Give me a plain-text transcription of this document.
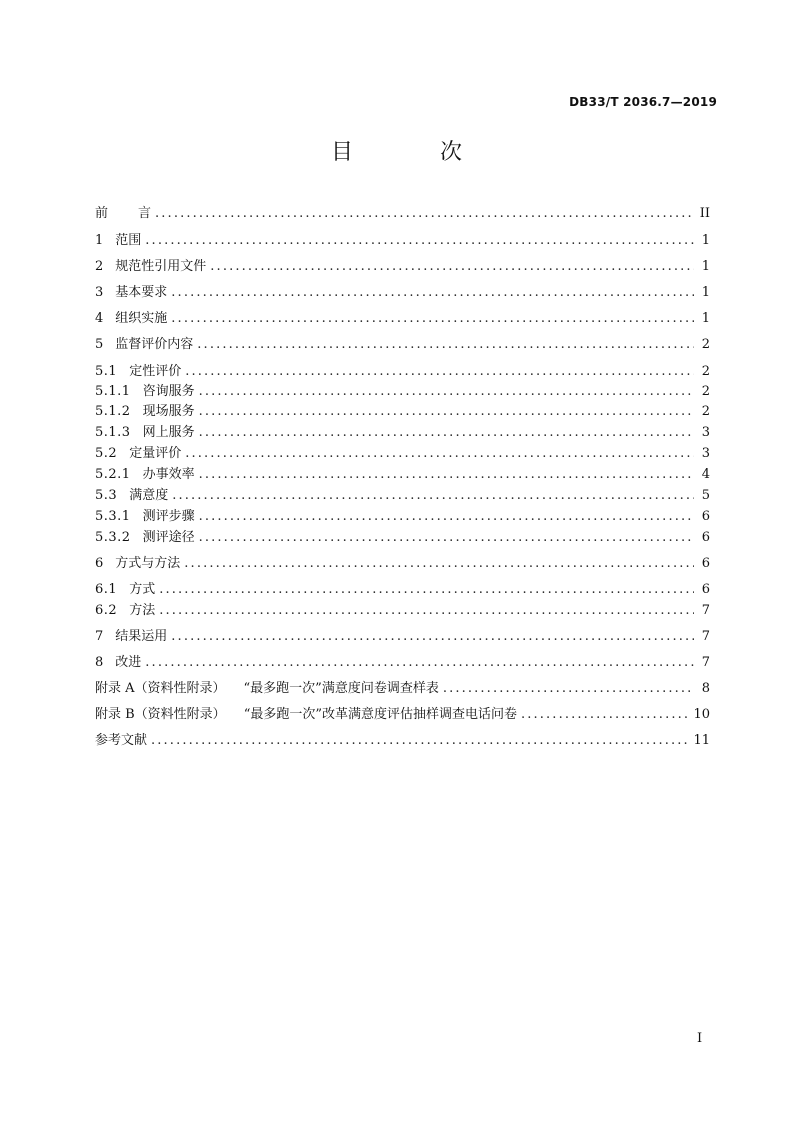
DB33/T 2036.7—2019
目 次
前 言 . . .	II
1 范围 . . .	1
2 规范性引用文件 . . .	1
3 基本要求 . . .	1
4 组织实施 . . .	1
5 监督评价内容 . . .	2
5.1 定性评价 . . .	2
5.1.1 咨询服务 . . .	2
5.1.2 现场服务 . . .	2
5.1.3 网上服务 . . .	3
5.2 定量评价 . . .	3
5.2.1 办事效率 . . .	4
5.3 满意度 . . .	5
5.3.1 测评步骤 . . .	6
5.3.2 测评途径 . . .	6
6 方式与方法 . . .	6
6.1 方式 . . .	6
6.2 方法 . . .	7
7 结果运用 . . .	7
8 改进 . . .	7
附录 A（资料性附录） “最多跑一次”满意度问卷调查样表 . . .	8
附录 B（资料性附录） “最多跑一次”改革满意度评估抽样调查电话问卷 . . .	10
参考文献 . . .	11
I
